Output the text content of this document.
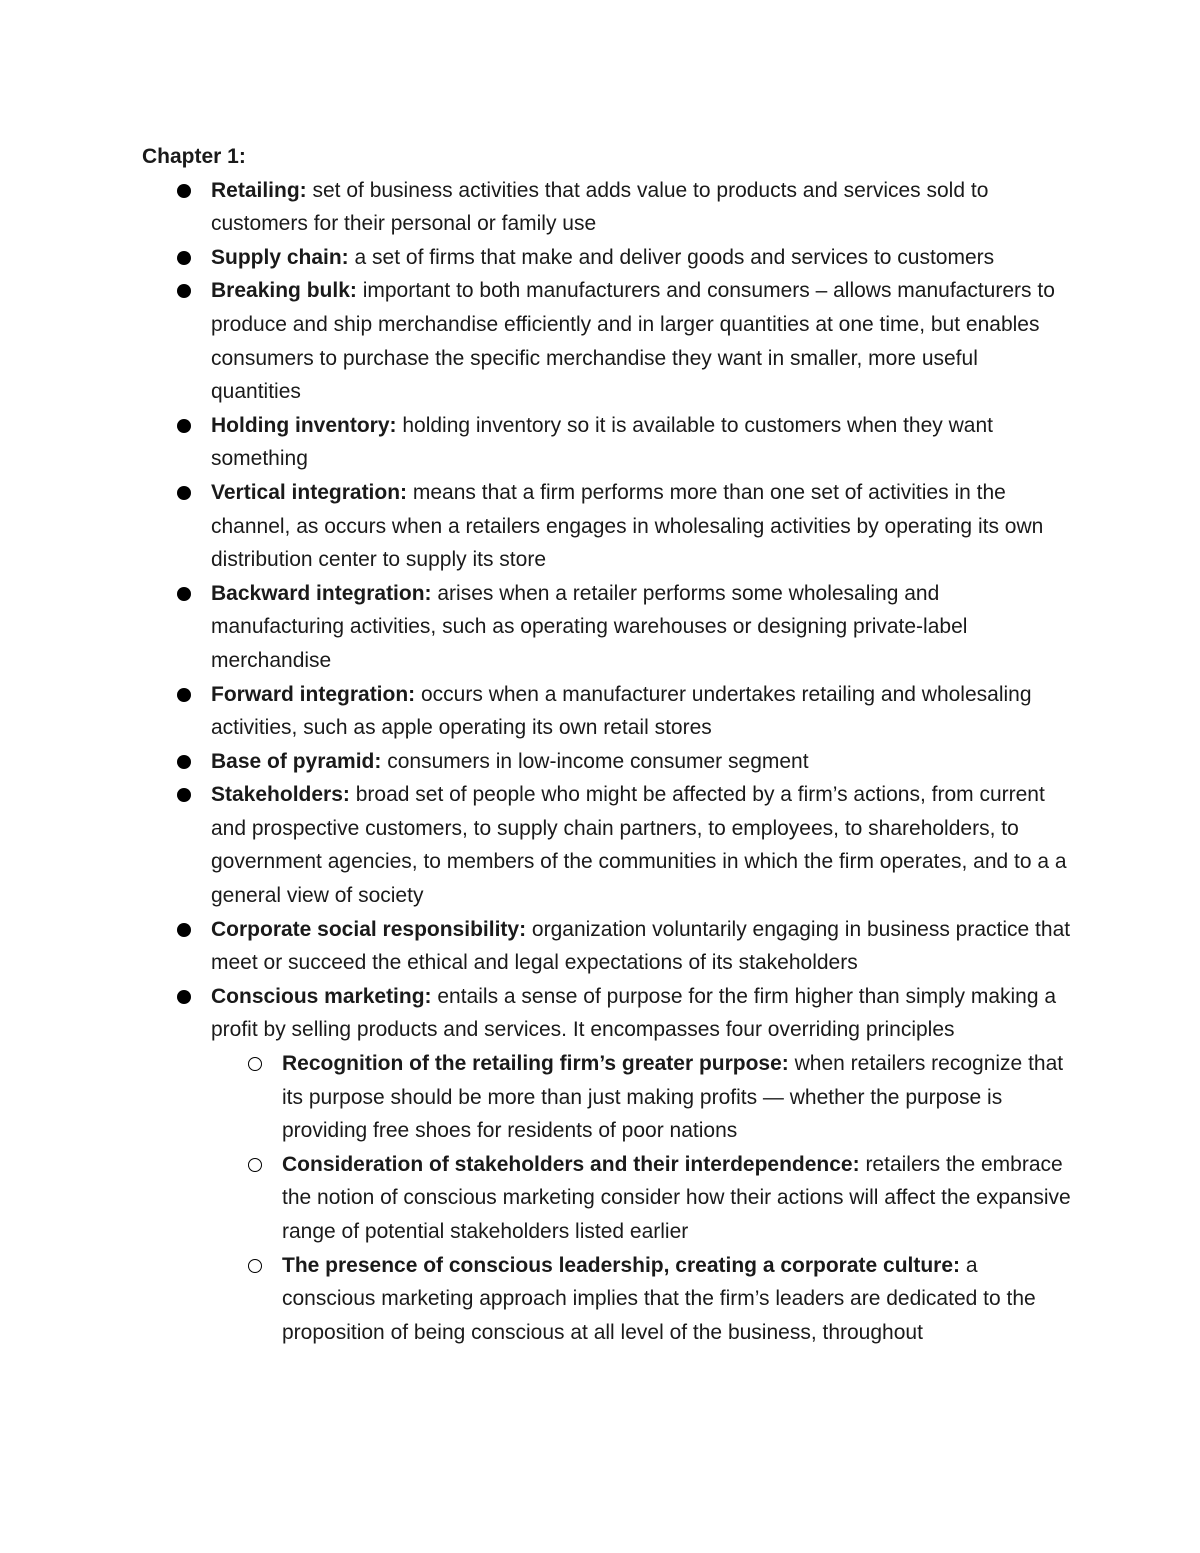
Chapter 1:

Retailing: set of business activities that adds value to products and services sold to customers for their personal or family use
Supply chain: a set of firms that make and deliver goods and services to customers
Breaking bulk: important to both manufacturers and consumers – allows manufacturers to produce and ship merchandise efficiently and in larger quantities at one time, but enables consumers to purchase the specific merchandise they want in smaller, more useful quantities
Holding inventory: holding inventory so it is available to customers when they want something
Vertical integration: means that a firm performs more than one set of activities in the channel, as occurs when a retailers engages in wholesaling activities by operating its own distribution center to supply its store
Backward integration: arises when a retailer performs some wholesaling and manufacturing activities, such as operating warehouses or designing private-label merchandise
Forward integration: occurs when a manufacturer undertakes retailing and wholesaling activities, such as apple operating its own retail stores
Base of pyramid: consumers in low-income consumer segment
Stakeholders: broad set of people who might be affected by a firm’s actions, from current and prospective customers, to supply chain partners, to employees, to shareholders, to government agencies, to members of the communities in which the firm operates, and to a a general view of society
Corporate social responsibility: organization voluntarily engaging in business practice that meet or succeed the ethical and legal expectations of its stakeholders
Conscious marketing: entails a sense of purpose for the firm higher than simply making a profit by selling products and services. It encompasses four overriding principles
Recognition of the retailing firm’s greater purpose: when retailers recognize that its purpose should be more than just making profits — whether the purpose is providing free shoes for residents of poor nations
Consideration of stakeholders and their interdependence: retailers the embrace the notion of conscious marketing consider how their actions will affect the expansive range of potential stakeholders listed earlier
The presence of conscious leadership, creating a corporate culture: a conscious marketing approach implies that the firm’s leaders are dedicated to the proposition of being conscious at all level of the business, throughout
